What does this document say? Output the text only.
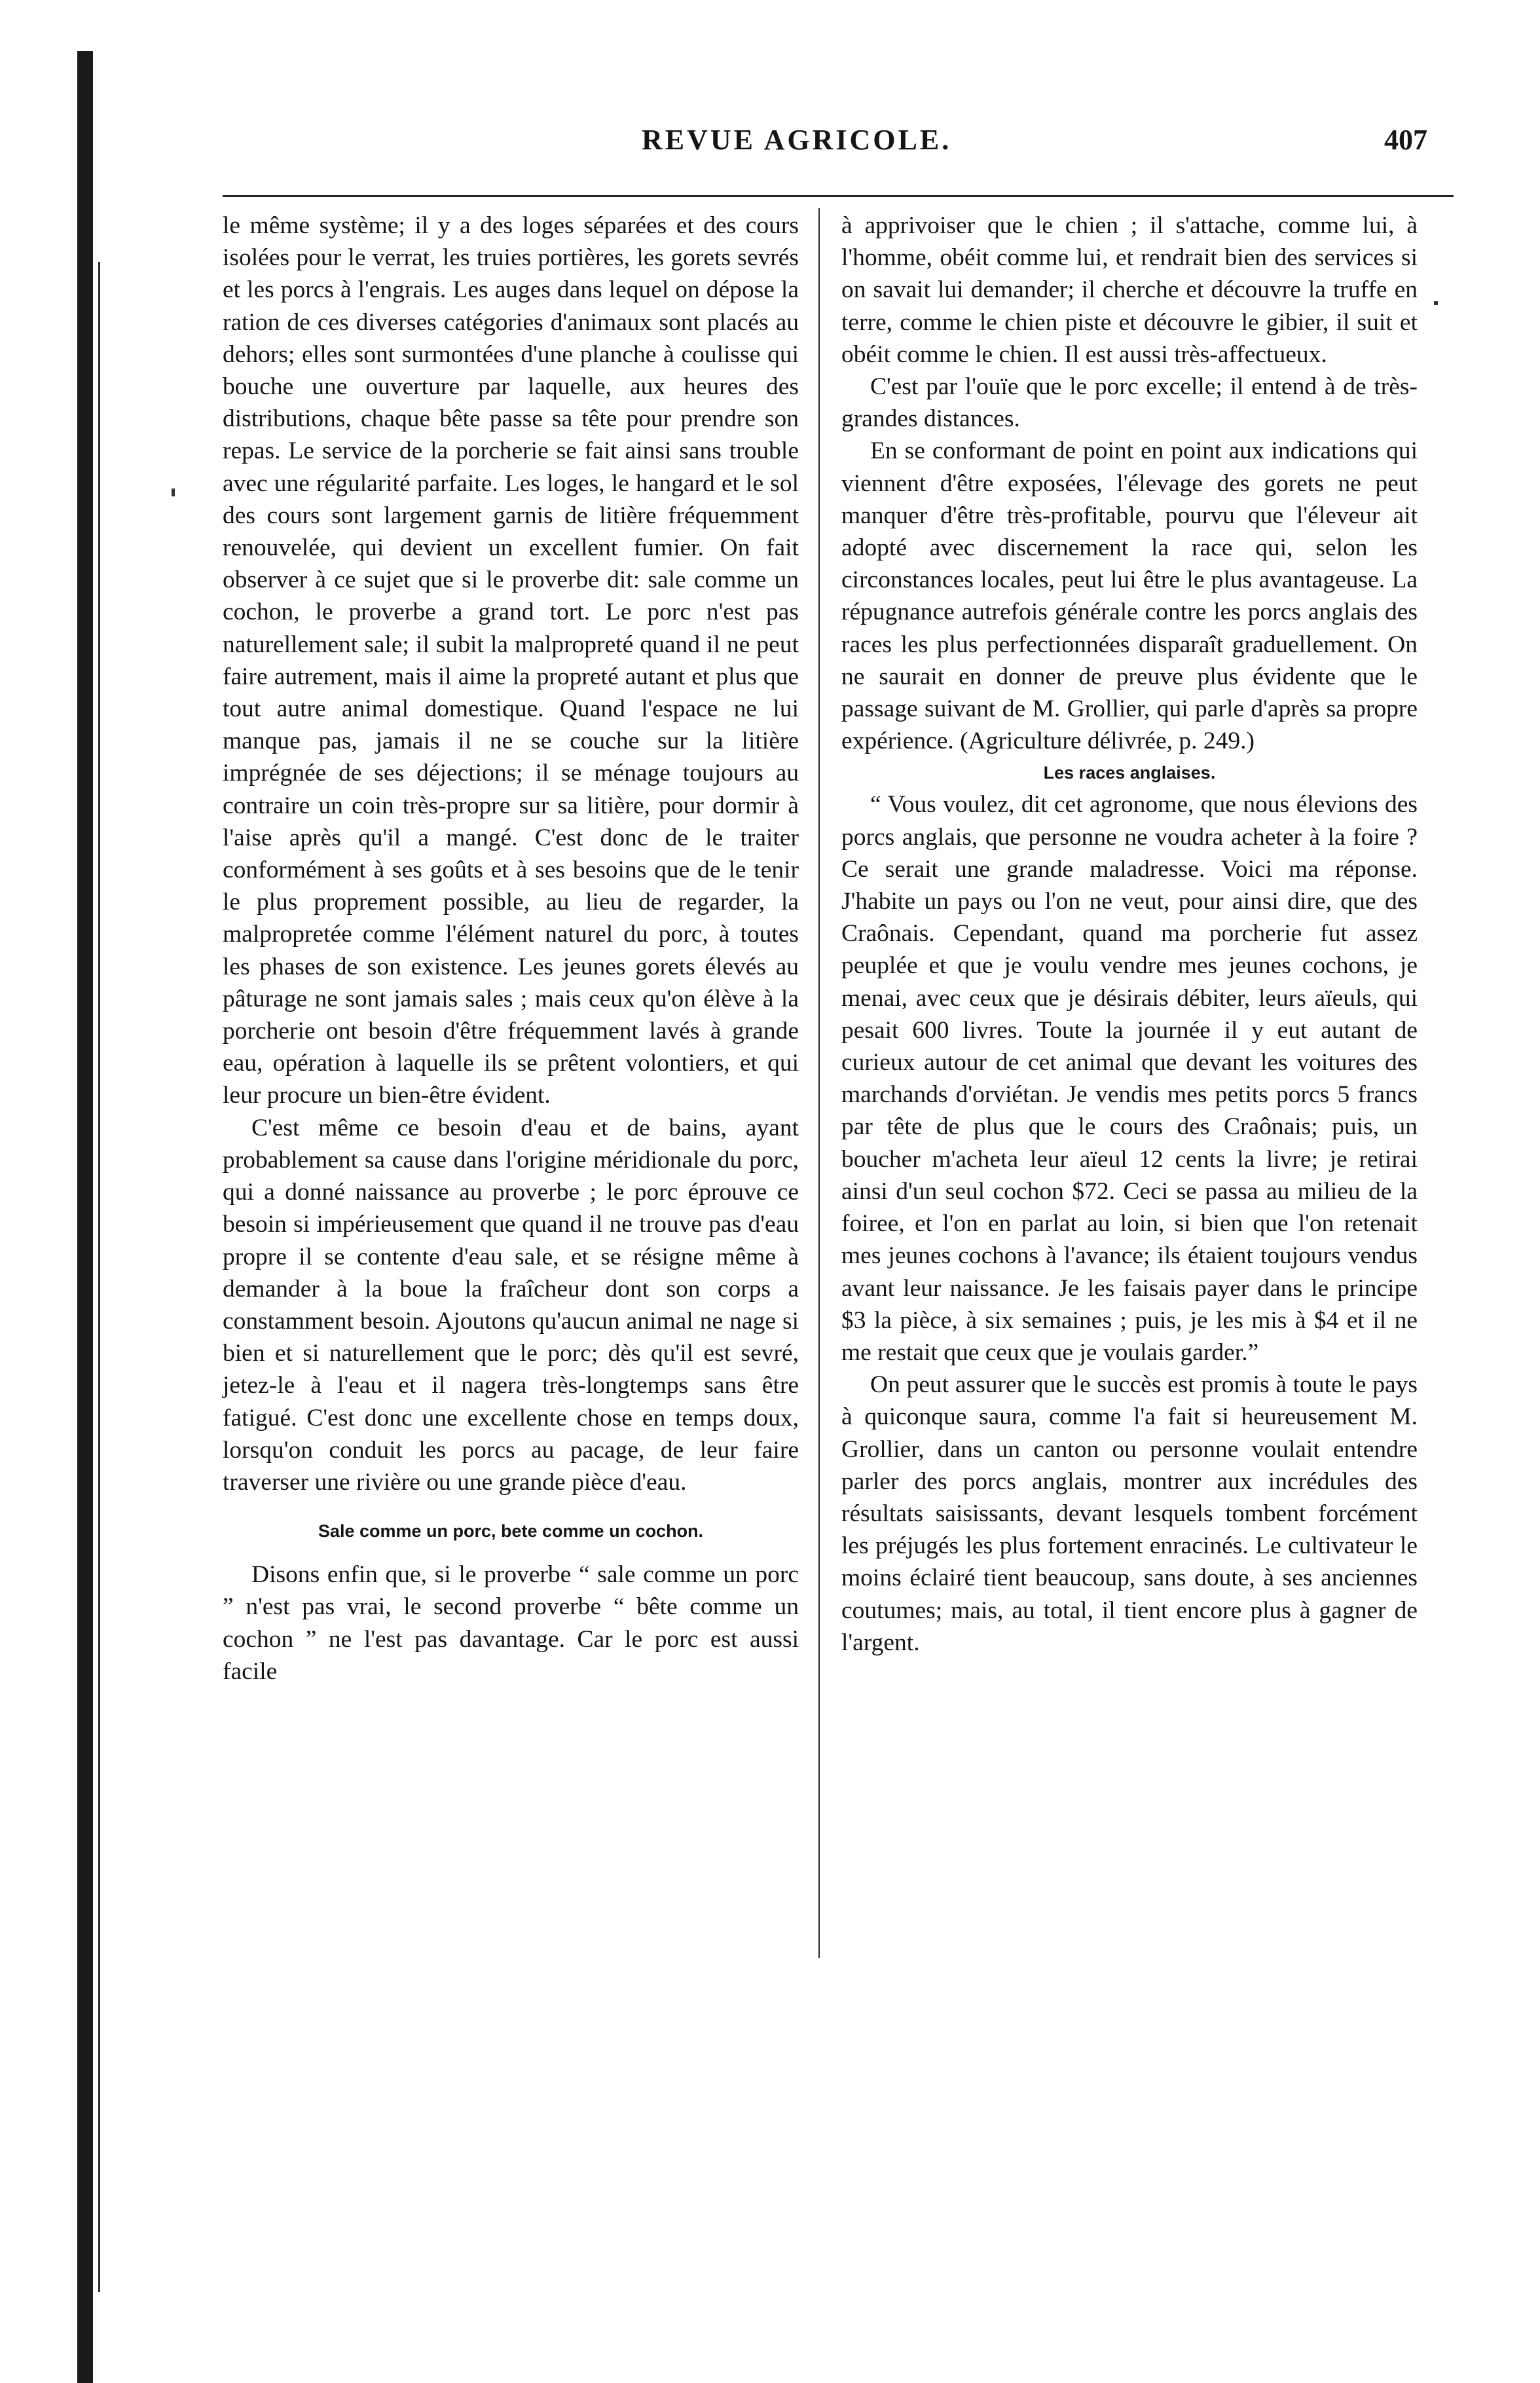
REVUE AGRICOLE.	407

le même système; il y a des loges séparées et des cours isolées pour le verrat, les truies portières, les gorets sevrés et les porcs à l'engrais. Les auges dans lequel on dépose la ration de ces diverses catégories d'animaux sont placés au dehors; elles sont surmontées d'une planche à coulisse qui bouche une ouverture par laquelle, aux heures des distributions, chaque bête passe sa tête pour prendre son repas. Le service de la porcherie se fait ainsi sans trouble avec une régularité parfaite. Les loges, le hangard et le sol des cours sont largement garnis de litière fréquemment renouvelée, qui devient un excellent fumier. On fait observer à ce sujet que si le proverbe dit: sale comme un cochon, le proverbe a grand tort. Le porc n'est pas naturellement sale; il subit la malpropreté quand il ne peut faire autrement, mais il aime la propreté autant et plus que tout autre animal domestique. Quand l'espace ne lui manque pas, jamais il ne se couche sur la litière imprégnée de ses déjections; il se ménage toujours au contraire un coin très-propre sur sa litière, pour dormir à l'aise après qu'il a mangé. C'est donc de le traiter conformément à ses goûts et à ses besoins que de le tenir le plus proprement possible, au lieu de regarder, la malpropretée comme l'élément naturel du porc, à toutes les phases de son existence. Les jeunes gorets élevés au pâturage ne sont jamais sales ; mais ceux qu'on élève à la porcherie ont besoin d'être fréquemment lavés à grande eau, opération à laquelle ils se prêtent volontiers, et qui leur procure un bien-être évident.

C'est même ce besoin d'eau et de bains, ayant probablement sa cause dans l'origine méridionale du porc, qui a donné naissance au proverbe ; le porc éprouve ce besoin si impérieusement que quand il ne trouve pas d'eau propre il se contente d'eau sale, et se résigne même à demander à la boue la fraîcheur dont son corps a constamment besoin. Ajoutons qu'aucun animal ne nage si bien et si naturellement que le porc; dès qu'il est sevré, jetez-le à l'eau et il nagera très-longtemps sans être fatigué. C'est donc une excellente chose en temps doux, lorsqu'on conduit les porcs au pacage, de leur faire traverser une rivière ou une grande pièce d'eau.

Sale comme un porc, bete comme un cochon.

Disons enfin que, si le proverbe “ sale comme un porc ” n'est pas vrai, le second proverbe “ bête comme un cochon ” ne l'est pas davantage. Car le porc est aussi facile

à apprivoiser que le chien ; il s'attache, comme lui, à l'homme, obéit comme lui, et rendrait bien des services si on savait lui demander; il cherche et découvre la truffe en terre, comme le chien piste et découvre le gibier, il suit et obéit comme le chien. Il est aussi très-affectueux.

C'est par l'ouïe que le porc excelle; il entend à de très-grandes distances.

En se conformant de point en point aux indications qui viennent d'être exposées, l'élevage des gorets ne peut manquer d'être très-profitable, pourvu que l'éleveur ait adopté avec discernement la race qui, selon les circonstances locales, peut lui être le plus avantageuse. La répugnance autrefois générale contre les porcs anglais des races les plus perfectionnées disparaît graduellement. On ne saurait en donner de preuve plus évidente que le passage suivant de M. Grollier, qui parle d'après sa propre expérience. (Agriculture délivrée, p. 249.)

Les races anglaises.

“ Vous voulez, dit cet agronome, que nous élevions des porcs anglais, que personne ne voudra acheter à la foire ? Ce serait une grande maladresse. Voici ma réponse. J'habite un pays ou l'on ne veut, pour ainsi dire, que des Craônais. Cependant, quand ma porcherie fut assez peuplée et que je voulu vendre mes jeunes cochons, je menai, avec ceux que je désirais débiter, leurs aïeuls, qui pesait 600 livres. Toute la journée il y eut autant de curieux autour de cet animal que devant les voitures des marchands d'orviétan. Je vendis mes petits porcs 5 francs par tête de plus que le cours des Craônais; puis, un boucher m'acheta leur aïeul 12 cents la livre; je retirai ainsi d'un seul cochon $72. Ceci se passa au milieu de la foiree, et l'on en parlat au loin, si bien que l'on retenait mes jeunes cochons à l'avance; ils étaient toujours vendus avant leur naissance. Je les faisais payer dans le principe $3 la pièce, à six semaines ; puis, je les mis à $4 et il ne me restait que ceux que je voulais garder.”

On peut assurer que le succès est promis à toute le pays à quiconque saura, comme l'a fait si heureusement M. Grollier, dans un canton ou personne voulait entendre parler des porcs anglais, montrer aux incrédules des résultats saisissants, devant lesquels tombent forcément les préjugés les plus fortement enracinés. Le cultivateur le moins éclairé tient beaucoup, sans doute, à ses anciennes coutumes; mais, au total, il tient encore plus à gagner de l'argent.
